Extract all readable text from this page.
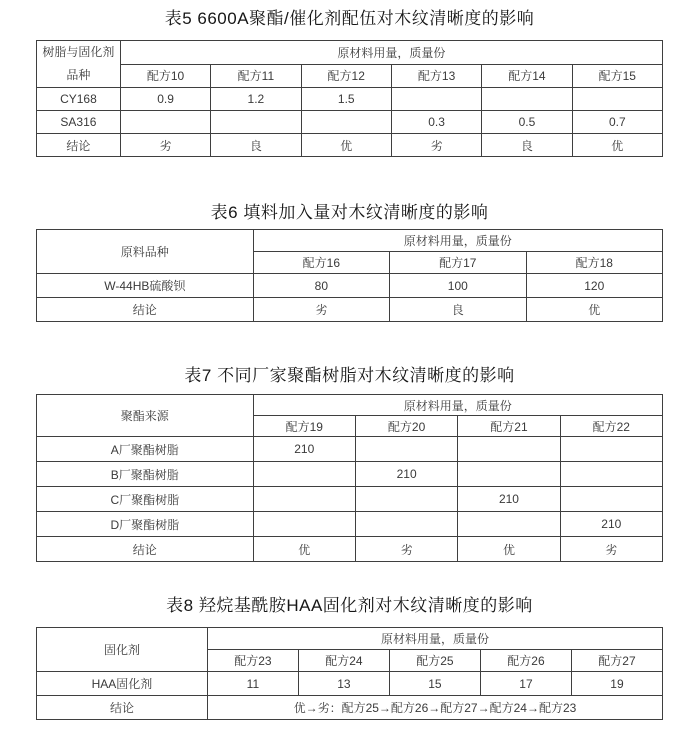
表5 6600A聚酯/催化剂配伍对木纹清晰度的影响
树脂与固化剂
品种	原材料用量，质量份					
	配方10	配方11	配方12	配方13	配方14	配方15
CY168	0.9	1.2	1.5			
SA316				0.3	0.5	0.7
结论	劣	良	优	劣	良	优
表6 填料加入量对木纹清晰度的影响
原料品种	原材料用量，质量份		
	配方16	配方17	配方18
W-44HB硫酸钡	80	100	120
结论	劣	良	优
表7 不同厂家聚酯树脂对木纹清晰度的影响
聚酯来源	原材料用量，质量份			
	配方19	配方20	配方21	配方22
A厂聚酯树脂	210			
B厂聚酯树脂		210		
C厂聚酯树脂			210	
D厂聚酯树脂				210
结论	优	劣	优	劣
表8 羟烷基酰胺HAA固化剂对木纹清晰度的影响
固化剂	原材料用量，质量份				
	配方23	配方24	配方25	配方26	配方27
HAA固化剂	11	13	15	17	19
结论	优→劣：配方25→配方26→配方27→配方24→配方23				
